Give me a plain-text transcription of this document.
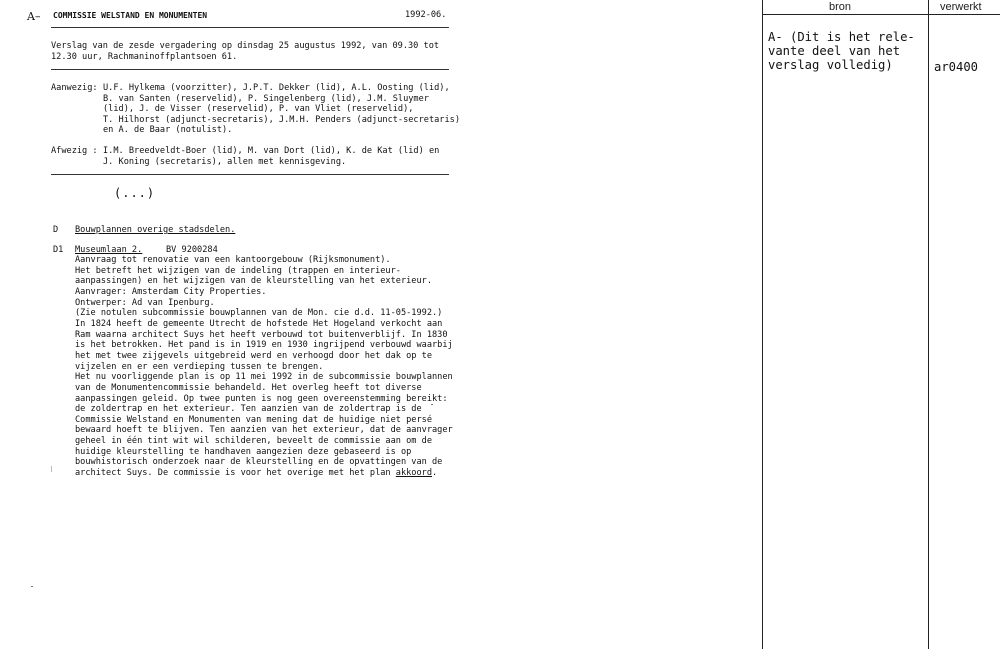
A– COMMISSIE WELSTAND EN MONUMENTEN	1992-06.
Verslag van de zesde vergadering op dinsdag 25 augustus 1992, van 09.30 tot
12.30 uur, Rachmaninoffplantsoen 61.
Aanwezig: U.F. Hylkema (voorzitter), J.P.T. Dekker (lid), A.L. Oosting (lid),
B. van Santen (reservelid), P. Singelenberg (lid), J.M. Sluymer
(lid), J. de Visser (reservelid), P. van Vliet (reservelid),
T. Hilhorst (adjunct-secretaris), J.M.H. Penders (adjunct-secretaris)
en A. de Baar (notulist).
Afwezig : I.M. Breedveldt-Boer (lid), M. van Dort (lid), K. de Kat (lid) en
J. Koning (secretaris), allen met kennisgeving.
(...)
D Bouwplannen overige stadsdelen.
D1 Museumlaan 2.	BV 9200284
Aanvraag tot renovatie van een kantoorgebouw (Rijksmonument).
Het betreft het wijzigen van de indeling (trappen en interieur-
aanpassingen) en het wijzigen van de kleurstelling van het exterieur.
Aanvrager: Amsterdam City Properties.
Ontwerper: Ad van Ipenburg.
(Zie notulen subcommissie bouwplannen van de Mon. cie d.d. 11-05-1992.)
In 1824 heeft de gemeente Utrecht de hofstede Het Hogeland verkocht aan
Ram waarna architect Suys het heeft verbouwd tot buitenverblijf. In 1830
is het betrokken. Het pand is in 1919 en 1930 ingrijpend verbouwd waarbij
het met twee zijgevels uitgebreid werd en verhoogd door het dak op te
vijzelen en er een verdieping tussen te brengen.
Het nu voorliggende plan is op 11 mei 1992 in de subcommissie bouwplannen
van de Monumentencommissie behandeld. Het overleg heeft tot diverse
aanpassingen geleid. Op twee punten is nog geen overeenstemming bereikt:
de zoldertrap en het exterieur. Ten aanzien van de zoldertrap is de
Commissie Welstand en Monumenten van mening dat de huidige niet persé
bewaard hoeft te blijven. Ten aanzien van het exterieur, dat de aanvrager
geheel in één tint wit wil schilderen, beveelt de commissie aan om de
huidige kleurstelling te handhaven aangezien deze gebaseerd is op
bouwhistorisch onderzoek naar de kleurstelling en de opvattingen van de
architect Suys. De commissie is voor het overige met het plan akkoord.
bron	verwerkt
A- (Dit is het rele-
vante deel van het
verslag volledig)	ar0400
